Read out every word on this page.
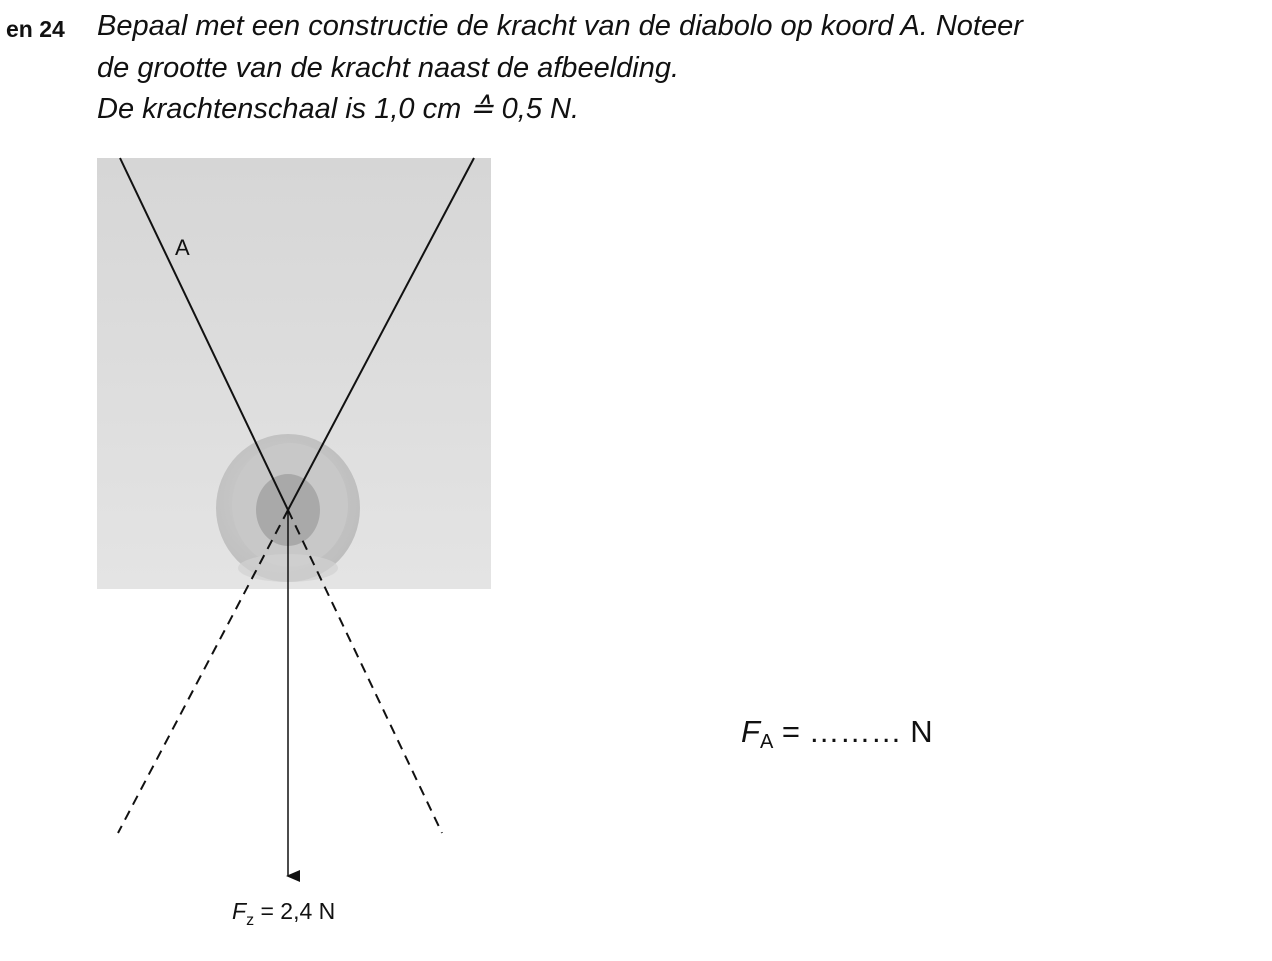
en 24 Bepaal met een constructie de kracht van de diabolo op koord A. Noteer
de grootte van de kracht naast de afbeelding.
De krachtenschaal is 1,0 cm ≙ 0,5 N.
A
$F_z = 2,4$ N
$F_A$ = ……… N
